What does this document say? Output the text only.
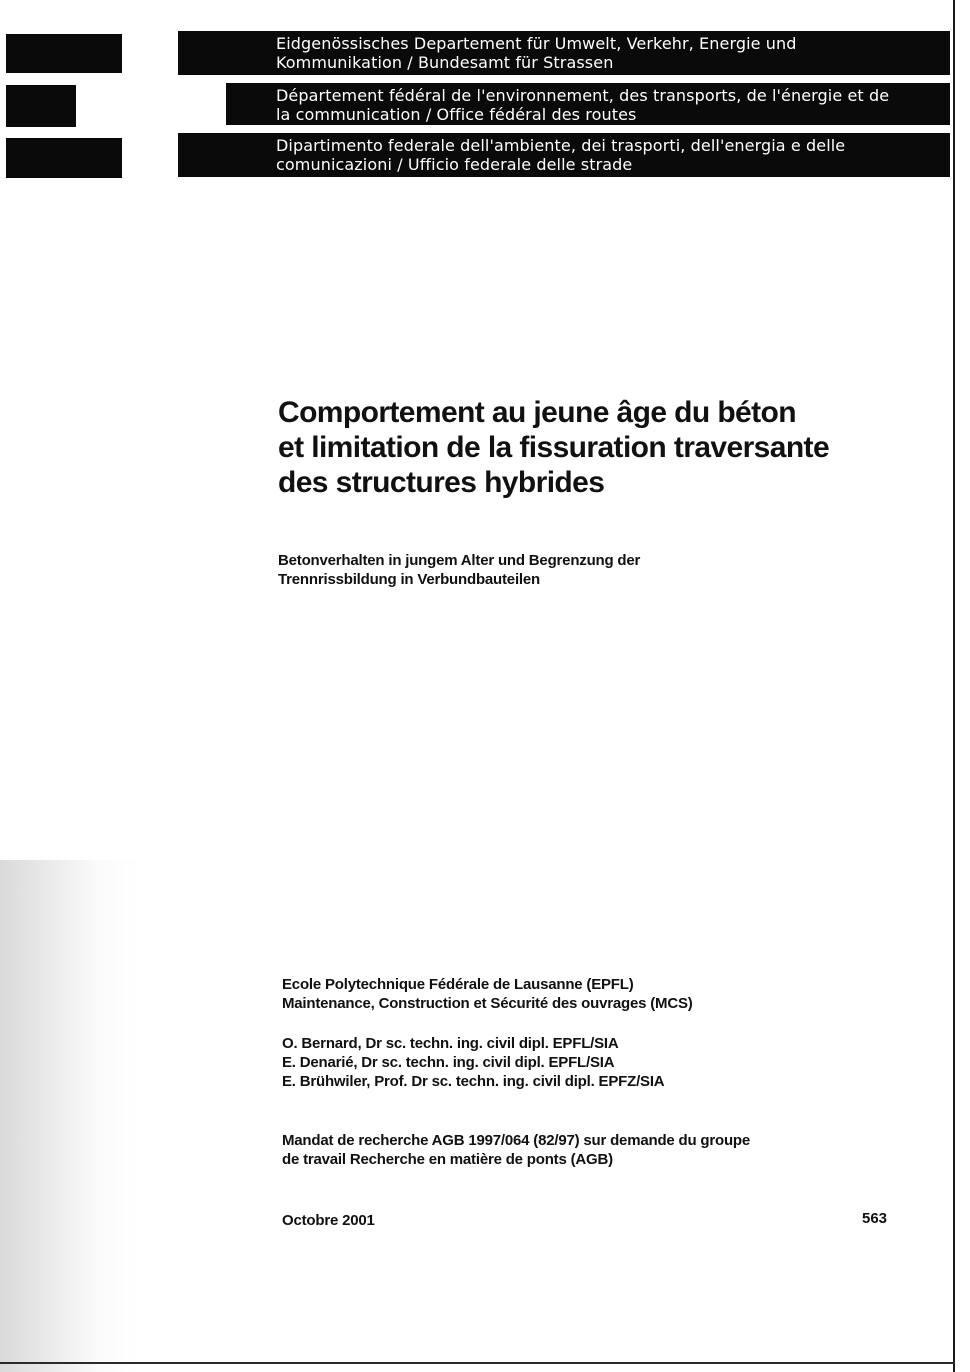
Eidgenössisches Departement für Umwelt, Verkehr, Energie und
Kommunikation / Bundesamt für Strassen
Département fédéral de l'environnement, des transports, de l'énergie et de
la communication / Office fédéral des routes
Dipartimento federale dell'ambiente, dei trasporti, dell'energia e delle
comunicazioni / Ufficio federale delle strade
Comportement au jeune âge du béton
et limitation de la fissuration traversante
des structures hybrides
Betonverhalten in jungem Alter und Begrenzung der
Trennrissbildung in Verbundbauteilen
Ecole Polytechnique Fédérale de Lausanne (EPFL)
Maintenance, Construction et Sécurité des ouvrages (MCS)
O. Bernard, Dr sc. techn. ing. civil dipl. EPFL/SIA
E. Denarié, Dr sc. techn. ing. civil dipl. EPFL/SIA
E. Brühwiler, Prof. Dr sc. techn. ing. civil dipl. EPFZ/SIA
Mandat de recherche AGB 1997/064 (82/97) sur demande du groupe
de travail Recherche en matière de ponts (AGB)
Octobre 2001	563
